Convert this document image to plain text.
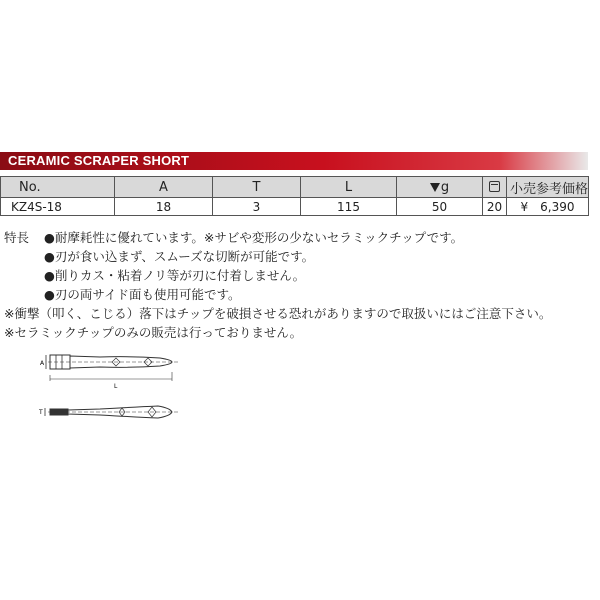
CERAMIC SCRAPER SHORT
No.	A	T	L	g		小売参考価格
KZ4S-18	18	3	115	50	20	¥　6,390
特長	●耐摩耗性に優れています。※サビや変形の少ないセラミックチップです。
●刃が食い込まず、スムーズな切断が可能です。
●削りカス・粘着ノリ等が刃に付着しません。
●刃の両サイド面も使用可能です。
※衝撃（叩く、こじる）落下はチップを破損させる恐れがありますので取扱いにはご注意下さい。
※セラミックチップのみの販売は行っておりません。
A
L
T
